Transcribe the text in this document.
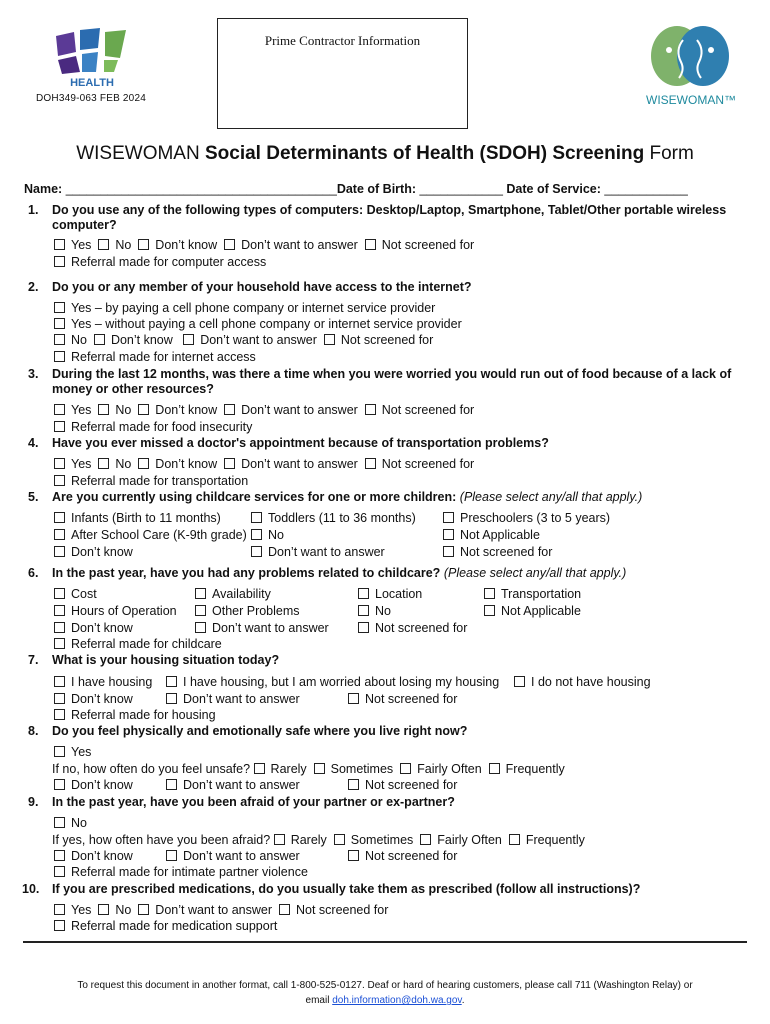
HEALTH
DOH349-063 FEB 2024
Prime Contractor Information
WISEWOMAN™
WISEWOMAN Social Determinants of Health (SDOH) Screening Form
Name: _______________________________________Date of Birth: ____________ Date of Service: ____________
1. Do you use any of the following types of computers: Desktop/Laptop, Smartphone, Tablet/Other portable wireless
computer?
Yes No Don’t know Don’t want to answer Not screened for
Referral made for computer access
2. Do you or any member of your household have access to the internet?
Yes – by paying a cell phone company or internet service provider
Yes – without paying a cell phone company or internet service provider
No Don’t know Don’t want to answer Not screened for
Referral made for internet access
3. During the last 12 months, was there a time when you were worried you would run out of food because of a lack of
money or other resources?
Yes No Don’t know Don’t want to answer Not screened for
Referral made for food insecurity
4. Have you ever missed a doctor's appointment because of transportation problems?
Yes No Don’t know Don’t want to answer Not screened for
Referral made for transportation
5. Are you currently using childcare services for one or more children: (Please select any/all that apply.)
Infants (Birth to 11 months)	Toddlers (11 to 36 months)	Preschoolers (3 to 5 years)
After School Care (K-9th grade)	No	Not Applicable
Don’t know	Don’t want to answer	Not screened for
6. In the past year, have you had any problems related to childcare? (Please select any/all that apply.)
Cost	Availability	Location	Transportation
Hours of Operation	Other Problems	No	Not Applicable
Don’t know	Don’t want to answer	Not screened for
Referral made for childcare
7. What is your housing situation today?
I have housing	I have housing, but I am worried about losing my housing	I do not have housing
Don’t know	Don’t want to answer	Not screened for
Referral made for housing
8. Do you feel physically and emotionally safe where you live right now?
Yes
If no, how often do you feel unsafe? Rarely Sometimes Fairly Often Frequently
Don’t know	Don’t want to answer	Not screened for
9. In the past year, have you been afraid of your partner or ex-partner?
No
If yes, how often have you been afraid? Rarely Sometimes Fairly Often Frequently
Don’t know	Don’t want to answer	Not screened for
Referral made for intimate partner violence
10. If you are prescribed medications, do you usually take them as prescribed (follow all instructions)?
Yes No Don’t want to answer Not screened for
Referral made for medication support
To request this document in another format, call 1-800-525-0127. Deaf or hard of hearing customers, please call 711 (Washington Relay) or
email doh.information@doh.wa.gov.
